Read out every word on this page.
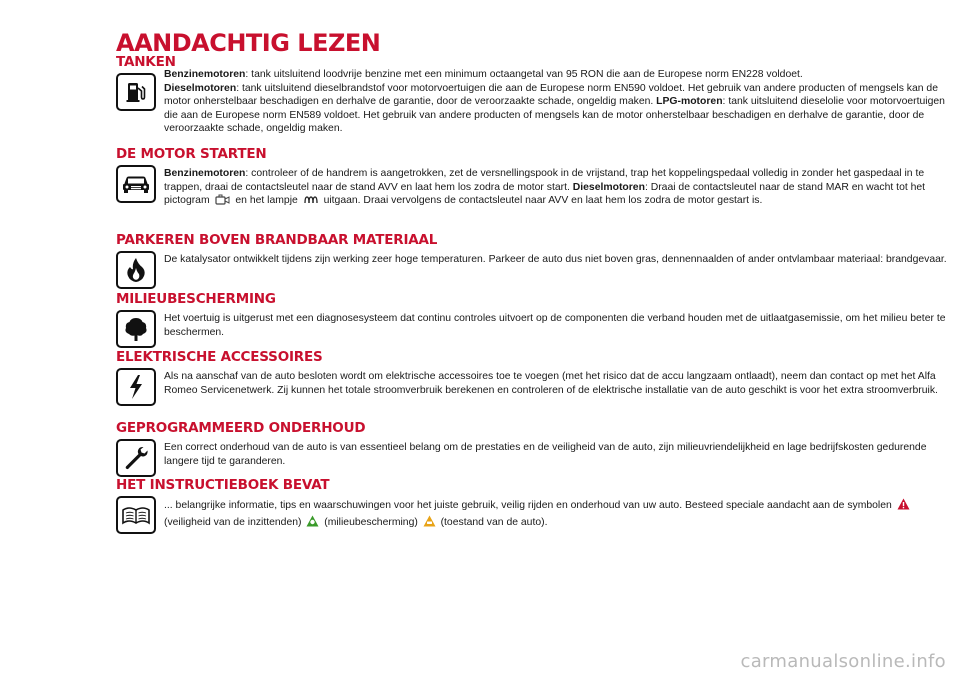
AANDACHTIG LEZEN
TANKEN
Benzinemotoren: tank uitsluitend loodvrije benzine met een minimum octaangetal van 95 RON die aan de Europese norm EN228 voldoet.
Dieselmotoren: tank uitsluitend dieselbrandstof voor motorvoertuigen die aan de Europese norm EN590 voldoet. Het gebruik van andere producten of mengsels kan de motor onherstelbaar beschadigen en derhalve de garantie, door de veroorzaakte schade, ongeldig maken. LPG-motoren: tank uitsluitend dieselolie voor motorvoertuigen die aan de Europese norm EN589 voldoet. Het gebruik van andere producten of mengsels kan de motor onherstelbaar beschadigen en derhalve de garantie, door de veroorzaakte schade, ongeldig maken.
DE MOTOR STARTEN
Benzinemotoren: controleer of de handrem is aangetrokken, zet de versnellingspook in de vrijstand, trap het koppelingspedaal volledig in zonder het gaspedaal in te trappen, draai de contactsleutel naar de stand AVV en laat hem los zodra de motor start. Dieselmotoren: Draai de contactsleutel naar de stand MAR en wacht tot het pictogram  en het lampje  uitgaan. Draai vervolgens de contactsleutel naar AVV en laat hem los zodra de motor gestart is.
PARKEREN BOVEN BRANDBAAR MATERIAAL
De katalysator ontwikkelt tijdens zijn werking zeer hoge temperaturen. Parkeer de auto dus niet boven gras, dennennaalden of ander ontvlambaar materiaal: brandgevaar.
MILIEUBESCHERMING
Het voertuig is uitgerust met een diagnosesysteem dat continu controles uitvoert op de componenten die verband houden met de uitlaatgasemissie, om het milieu beter te beschermen.
ELEKTRISCHE ACCESSOIRES
Als na aanschaf van de auto besloten wordt om elektrische accessoires toe te voegen (met het risico dat de accu langzaam ontlaadt), neem dan contact op met het Alfa Romeo Servicenetwerk. Zij kunnen het totale stroomverbruik berekenen en controleren of de elektrische installatie van de auto geschikt is voor het extra stroomverbruik.
GEPROGRAMMEERD ONDERHOUD
Een correct onderhoud van de auto is van essentieel belang om de prestaties en de veiligheid van de auto, zijn milieuvriendelijkheid en lage bedrijfskosten gedurende langere tijd te garanderen.
HET INSTRUCTIEBOEK BEVAT
... belangrijke informatie, tips en waarschuwingen voor het juiste gebruik, veilig rijden en onderhoud van uw auto. Besteed speciale aandacht aan de symbolen  (veiligheid van de inzittenden)  (milieubescherming)  (toestand van de auto).
carmanualsonline.info
